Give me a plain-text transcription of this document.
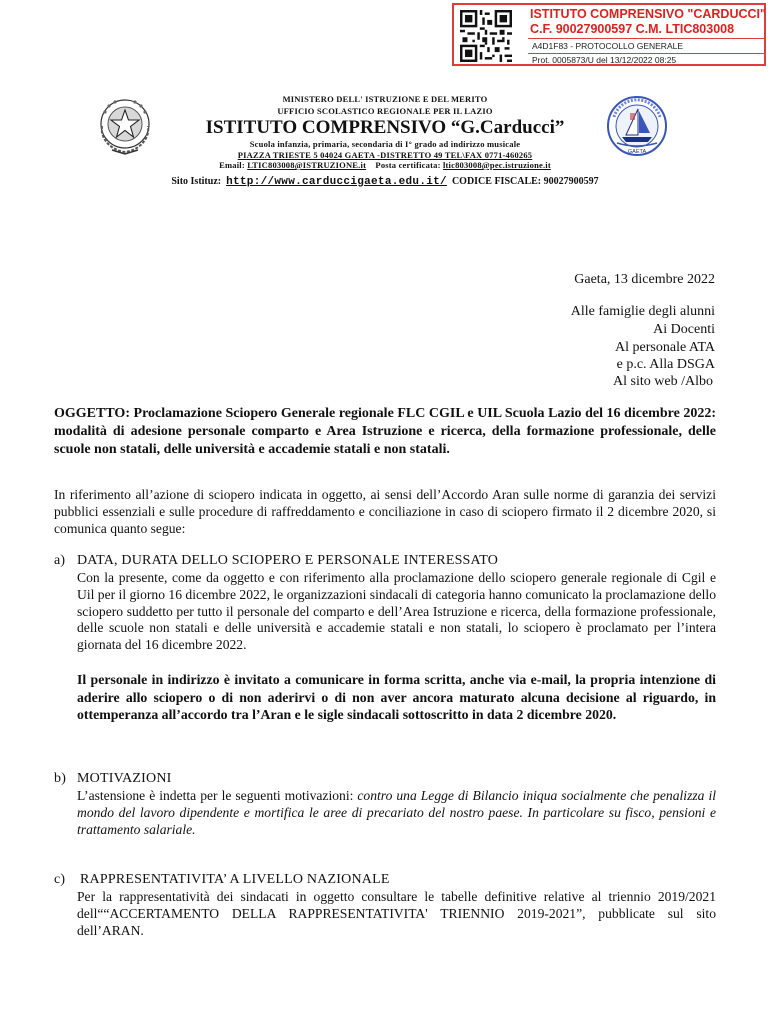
ISTITUTO COMPRENSIVO "CARDUCCI"
C.F. 90027900597 C.M. LTIC803008
A4D1F83 - PROTOCOLLO GENERALE
Prot. 0005873/U del 13/12/2022 08:25
GAETA
MINISTERO DELL' ISTRUZIONE E DEL MERITO
UFFICIO SCOLASTICO REGIONALE PER IL LAZIO
ISTITUTO COMPRENSIVO “G.Carducci”
Scuola infanzia, primaria, secondaria di I° grado ad indirizzo musicale
PIAZZA TRIESTE 5 04024 GAETA -DISTRETTO 49 TEL\FAX 0771-460265
Email: LTIC803008@ISTRUZIONE.it Posta certificata: ltic803008@pec.istruzione.it
Sito Istituz: http://www.carduccigaeta.edu.it/ CODICE FISCALE: 90027900597
Gaeta, 13 dicembre 2022
Alle famiglie degli alunni
Ai Docenti
Al personale ATA
e p.c. Alla DSGA
Al sito web /Albo

OGGETTO: Proclamazione Sciopero Generale regionale FLC CGIL e UIL Scuola Lazio del 16 dicembre 2022: modalità di adesione personale comparto e Area Istruzione e ricerca, della formazione professionale, delle scuole non statali, delle università e accademie statali e non statali.

In riferimento all’azione di sciopero indicata in oggetto, ai sensi dell’Accordo Aran sulle norme di garanzia dei servizi pubblici essenziali e sulle procedure di raffreddamento e conciliazione in caso di sciopero firmato il 2 dicembre 2020, si comunica quanto segue:

a) DATA, DURATA DELLO SCIOPERO E PERSONALE INTERESSATO

Con la presente, come da oggetto e con riferimento alla proclamazione dello sciopero generale regionale di Cgil e Uil per il giorno 16 dicembre 2022, le organizzazioni sindacali di categoria hanno comunicato la proclamazione dello sciopero suddetto per tutto il personale del comparto e dell’Area Istruzione e ricerca, della formazione professionale, delle scuole non statali e delle università e accademie statali e non statali, lo sciopero è proclamato per l’intera giornata del 16 dicembre 2022.

Il personale in indirizzo è invitato a comunicare in forma scritta, anche via e-mail, la propria intenzione di aderire allo sciopero o di non aderirvi o di non aver ancora maturato alcuna decisione al riguardo, in ottemperanza all’accordo tra l’Aran e le sigle sindacali sottoscritto in data 2 dicembre 2020.

b) MOTIVAZIONI

L’astensione è indetta per le seguenti motivazioni: contro una Legge di Bilancio iniqua socialmente che penalizza il mondo del lavoro dipendente e mortifica le aree di precariato del nostro paese. In particolare su fisco, pensioni e trattamento salariale.

c) RAPPRESENTATIVITA’ A LIVELLO NAZIONALE

Per la rappresentatività dei sindacati in oggetto consultare le tabelle definitive relative al triennio 2019/2021 dell““ACCERTAMENTO DELLA RAPPRESENTATIVITA' TRIENNIO 2019-2021”, pubblicate sul sito dell’ARAN.
